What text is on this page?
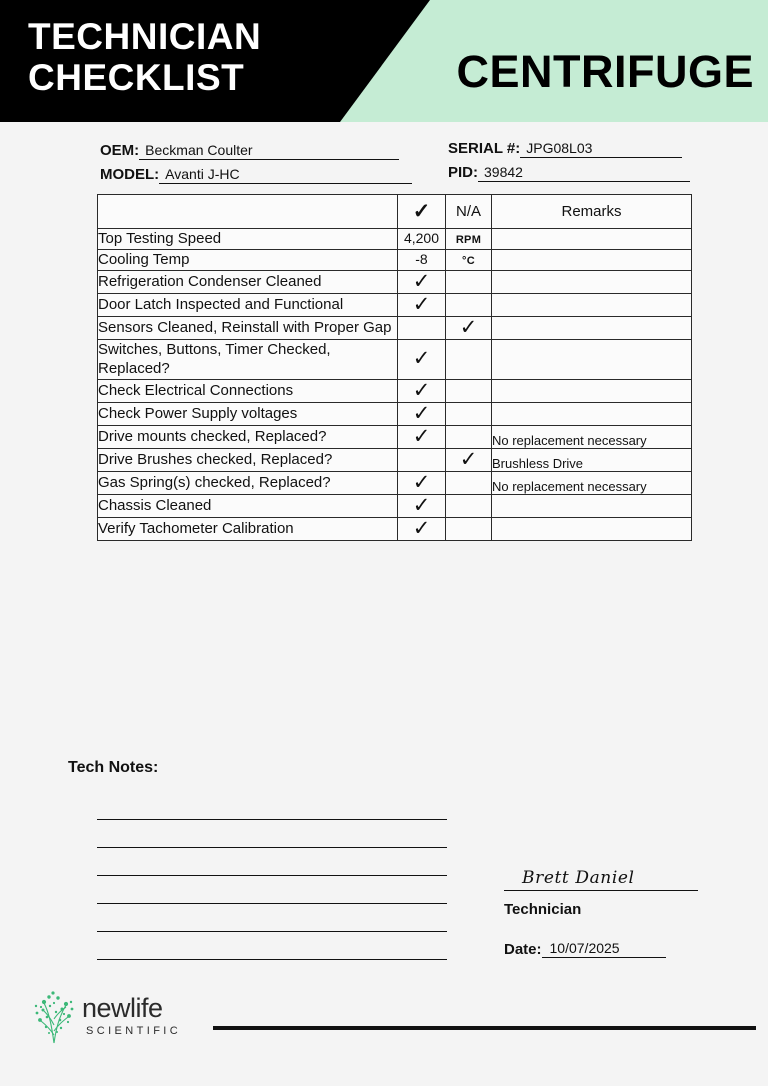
TECHNICIAN
CHECKLIST	CENTRIFUGE
OEM: Beckman Coulter
MODEL: Avanti J-HC
SERIAL #: JPG08L03
PID: 39842
	✓	N/A	Remarks
Top Testing Speed	4,200	RPM	
Cooling Temp	-8	°C	
Refrigeration Condenser Cleaned	✓		
Door Latch Inspected and Functional	✓		
Sensors Cleaned, Reinstall with Proper Gap		✓	
Switches, Buttons, Timer Checked, Replaced?	✓		
Check Electrical Connections	✓		
Check Power Supply voltages	✓		
Drive mounts checked, Replaced?	✓		No replacement necessary
Drive Brushes checked, Replaced?		✓	Brushless Drive
Gas Spring(s) checked, Replaced?	✓		No replacement necessary
Chassis Cleaned	✓		
Verify Tachometer Calibration	✓		
Tech Notes:
Brett Daniel
Technician
Date: 10/07/2025
newlife
SCIENTIFIC
